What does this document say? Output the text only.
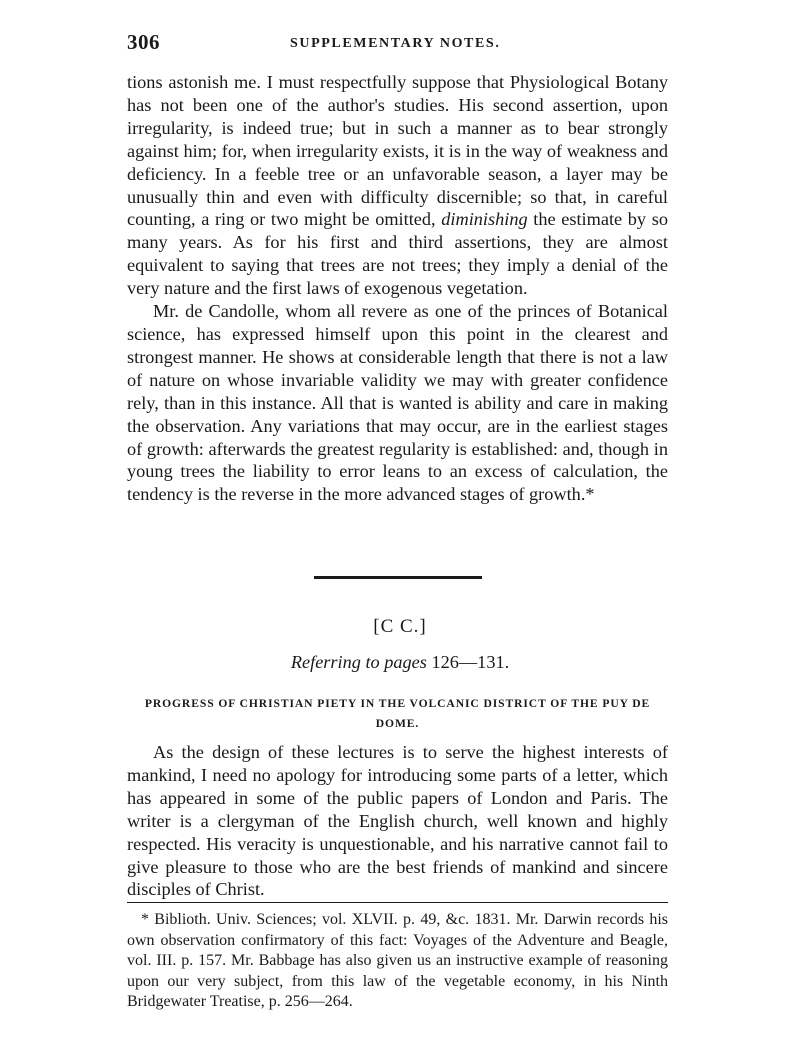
306	SUPPLEMENTARY NOTES.

tions astonish me. I must respectfully suppose that Physiological Botany has not been one of the author's studies. His second assertion, upon irregularity, is indeed true; but in such a manner as to bear strongly against him; for, when irregularity exists, it is in the way of weakness and deficiency. In a feeble tree or an unfavorable season, a layer may be unusually thin and even with difficulty discernible; so that, in careful counting, a ring or two might be omitted, diminishing the estimate by so many years. As for his first and third assertions, they are almost equivalent to saying that trees are not trees; they imply a denial of the very nature and the first laws of exogenous vegetation.

Mr. de Candolle, whom all revere as one of the princes of Botanical science, has expressed himself upon this point in the clearest and strongest manner. He shows at considerable length that there is not a law of nature on whose invariable validity we may with greater confidence rely, than in this instance. All that is wanted is ability and care in making the observation. Any variations that may occur, are in the earliest stages of growth: afterwards the greatest regularity is established: and, though in young trees the liability to error leans to an excess of calculation, the tendency is the reverse in the more advanced stages of growth.*

[C C.]
Referring to pages 126—131.
PROGRESS OF CHRISTIAN PIETY IN THE VOLCANIC DISTRICT OF THE PUY DE DOME.

As the design of these lectures is to serve the highest interests of mankind, I need no apology for introducing some parts of a letter, which has appeared in some of the public papers of London and Paris. The writer is a clergyman of the English church, well known and highly respected. His veracity is unquestionable, and his narrative cannot fail to give pleasure to those who are the best friends of mankind and sincere disciples of Christ.

* Biblioth. Univ. Sciences; vol. XLVII. p. 49, &c. 1831. Mr. Darwin records his own observation confirmatory of this fact: Voyages of the Adventure and Beagle, vol. III. p. 157. Mr. Babbage has also given us an instructive example of reasoning upon our very subject, from this law of the vegetable economy, in his Ninth Bridgewater Treatise, p. 256—264.
